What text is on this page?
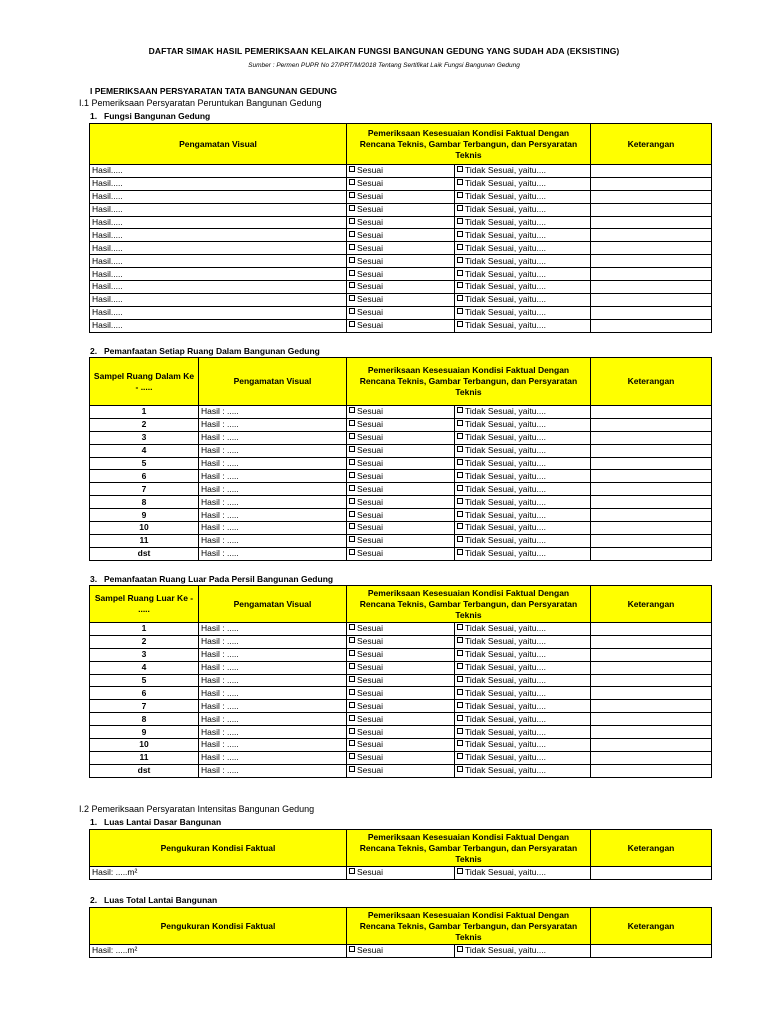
DAFTAR SIMAK HASIL PEMERIKSAAN KELAIKAN FUNGSI BANGUNAN GEDUNG YANG SUDAH ADA (EKSISTING)
Sumber : Permen PUPR No 27/PRT/M/2018 Tentang Sertifikat Laik Fungsi Bangunan Gedung
I PEMERIKSAAN PERSYARATAN TATA BANGUNAN GEDUNG
I.1 Pemeriksaan Persyaratan Peruntukan Bangunan Gedung
1. Fungsi Bangunan Gedung
Pengamatan Visual	Pemeriksaan Kesesuaian Kondisi Faktual Dengan Rencana Teknis, Gambar Terbangun, dan Persyaratan Teknis		Keterangan
Hasil.....	Sesuai	Tidak Sesuai, yaitu....	
Hasil.....	Sesuai	Tidak Sesuai, yaitu....	
Hasil.....	Sesuai	Tidak Sesuai, yaitu....	
Hasil.....	Sesuai	Tidak Sesuai, yaitu....	
Hasil.....	Sesuai	Tidak Sesuai, yaitu....	
Hasil.....	Sesuai	Tidak Sesuai, yaitu....	
Hasil.....	Sesuai	Tidak Sesuai, yaitu....	
Hasil.....	Sesuai	Tidak Sesuai, yaitu....	
Hasil.....	Sesuai	Tidak Sesuai, yaitu....	
Hasil.....	Sesuai	Tidak Sesuai, yaitu....	
Hasil.....	Sesuai	Tidak Sesuai, yaitu....	
Hasil.....	Sesuai	Tidak Sesuai, yaitu....	
Hasil.....	Sesuai	Tidak Sesuai, yaitu....	
2. Pemanfaatan Setiap Ruang Dalam Bangunan Gedung
Sampel Ruang Dalam Ke - .....	Pengamatan Visual	Pemeriksaan Kesesuaian Kondisi Faktual Dengan Rencana Teknis, Gambar Terbangun, dan Persyaratan Teknis		Keterangan
1	Hasil : .....	Sesuai	Tidak Sesuai, yaitu....	
2	Hasil : .....	Sesuai	Tidak Sesuai, yaitu....	
3	Hasil : .....	Sesuai	Tidak Sesuai, yaitu....	
4	Hasil : .....	Sesuai	Tidak Sesuai, yaitu....	
5	Hasil : .....	Sesuai	Tidak Sesuai, yaitu....	
6	Hasil : .....	Sesuai	Tidak Sesuai, yaitu....	
7	Hasil : .....	Sesuai	Tidak Sesuai, yaitu....	
8	Hasil : .....	Sesuai	Tidak Sesuai, yaitu....	
9	Hasil : .....	Sesuai	Tidak Sesuai, yaitu....	
10	Hasil : .....	Sesuai	Tidak Sesuai, yaitu....	
11	Hasil : .....	Sesuai	Tidak Sesuai, yaitu....	
dst	Hasil : .....	Sesuai	Tidak Sesuai, yaitu....	
3. Pemanfaatan Ruang Luar Pada Persil Bangunan Gedung
Sampel Ruang Luar Ke - .....	Pengamatan Visual	Pemeriksaan Kesesuaian Kondisi Faktual Dengan Rencana Teknis, Gambar Terbangun, dan Persyaratan Teknis		Keterangan
1	Hasil : .....	Sesuai	Tidak Sesuai, yaitu....	
2	Hasil : .....	Sesuai	Tidak Sesuai, yaitu....	
3	Hasil : .....	Sesuai	Tidak Sesuai, yaitu....	
4	Hasil : .....	Sesuai	Tidak Sesuai, yaitu....	
5	Hasil : .....	Sesuai	Tidak Sesuai, yaitu....	
6	Hasil : .....	Sesuai	Tidak Sesuai, yaitu....	
7	Hasil : .....	Sesuai	Tidak Sesuai, yaitu....	
8	Hasil : .....	Sesuai	Tidak Sesuai, yaitu....	
9	Hasil : .....	Sesuai	Tidak Sesuai, yaitu....	
10	Hasil : .....	Sesuai	Tidak Sesuai, yaitu....	
11	Hasil : .....	Sesuai	Tidak Sesuai, yaitu....	
dst	Hasil : .....	Sesuai	Tidak Sesuai, yaitu....	
I.2 Pemeriksaan Persyaratan Intensitas Bangunan Gedung
1. Luas Lantai Dasar Bangunan
Pengukuran Kondisi Faktual	Pemeriksaan Kesesuaian Kondisi Faktual Dengan Rencana Teknis, Gambar Terbangun, dan Persyaratan Teknis		Keterangan
Hasil: .....m²	Sesuai	Tidak Sesuai, yaitu....	
2. Luas Total Lantai Bangunan
Pengukuran Kondisi Faktual	Pemeriksaan Kesesuaian Kondisi Faktual Dengan Rencana Teknis, Gambar Terbangun, dan Persyaratan Teknis		Keterangan
Hasil: .....m²	Sesuai	Tidak Sesuai, yaitu....	
